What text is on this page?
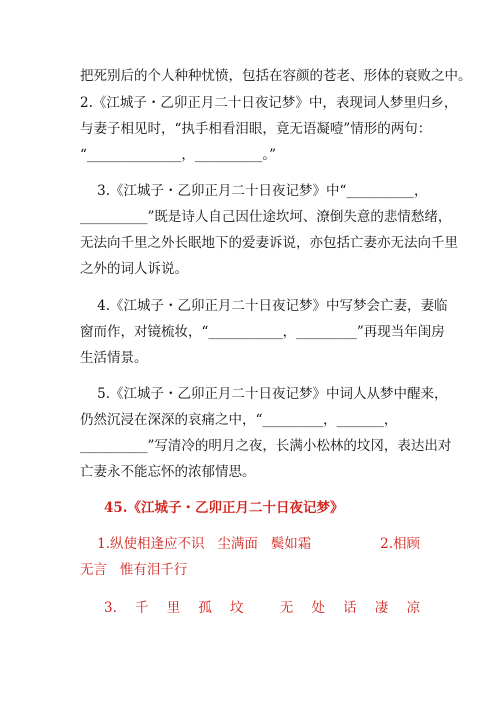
把死别后的个人种种忧愤，包括在容颜的苍老、形体的衰败之中。
2.《江城子・乙卯正月二十日夜记梦》中，表现词人梦里归乡，
与妻子相见时，“执手相看泪眼，竟无语凝噎”情形的两句：
“______________，__________。”
3.《江城子・乙卯正月二十日夜记梦》中“__________，
__________”既是诗人自己因仕途坎坷、潦倒失意的悲情愁绪，
无法向千里之外长眠地下的爱妻诉说，亦包括亡妻亦无法向千里
之外的词人诉说。
4.《江城子・乙卯正月二十日夜记梦》中写梦会亡妻，妻临
窗而作，对镜梳妆，“___________，_________”再现当年闺房
生活情景。
5.《江城子・乙卯正月二十日夜记梦》中词人从梦中醒来，
仍然沉浸在深深的哀痛之中，“_________，_______，
__________”写清冷的明月之夜，长满小松林的坟冈，表达出对
亡妻永不能忘怀的浓郁情思。
45.《江城子・乙卯正月二十日夜记梦》
1.纵使相逢应不识   尘满面   鬓如霜	2.相顾
无言   惟有泪千行
3. 千 里 孤 坟	无 处 话 凄 凉
